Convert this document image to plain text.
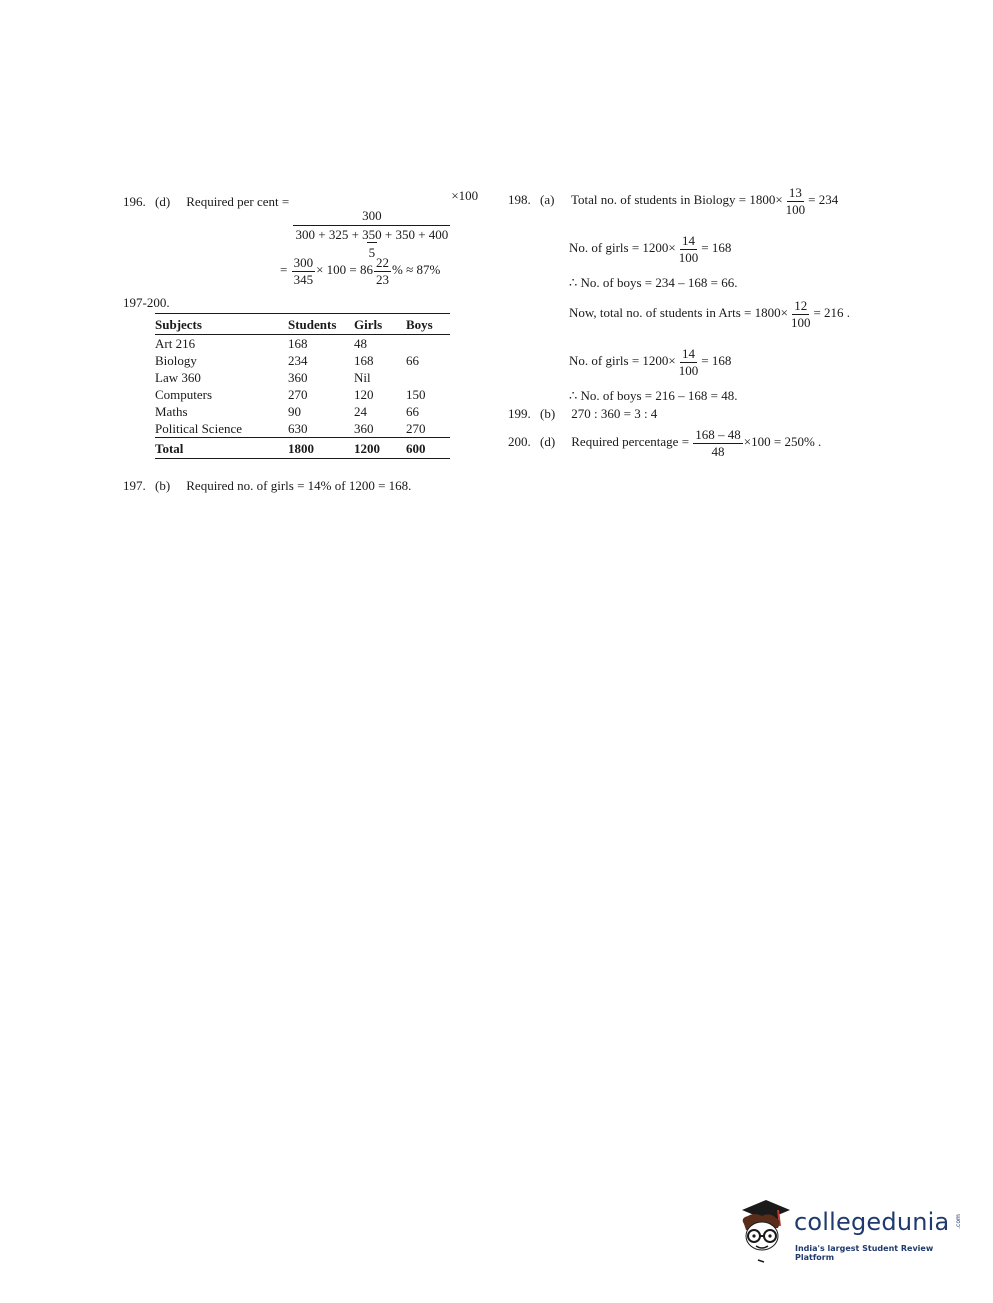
196. (d) Required per cent =
300
$\frac{300 + 325 + 350 + 350 + 400}{5}$
×100
= $\frac{300}{345} \times 100 = 86 \frac{22}{23}$ % ≈ 87%
197-200.
Subjects	Students	Girls	Boys
Art 216	168	48	
Biology	234	168	66
Law 360	360	Nil	
Computers	270	120	150
Maths	90	24	66
Political Science	630	360	270
Total	1800	1200	600
197. (b) Required no. of girls = 14% of 1200 = 168.
198. (a) Total no. of students in $Biology = 1800\times \frac{13}{100} = 234$
No. of girls = $1200\times \frac{14}{100} = 168$
∴ No. of boys = 234 – 168 = 66.
Now, total no. of students in Arts = $1800\times \frac{12}{100} = 216$ .
No. of girls = $1200\times \frac{14}{100} = 168$
∴ No. of boys = 216 – 168 = 48.
199. (b) 270 : 360 = 3 : 4
200. (d) Required percentage = $\frac{168 - 48}{48} \times 100 = 250\%$ .
collegedunia .com
India's largest Student Review Platform
